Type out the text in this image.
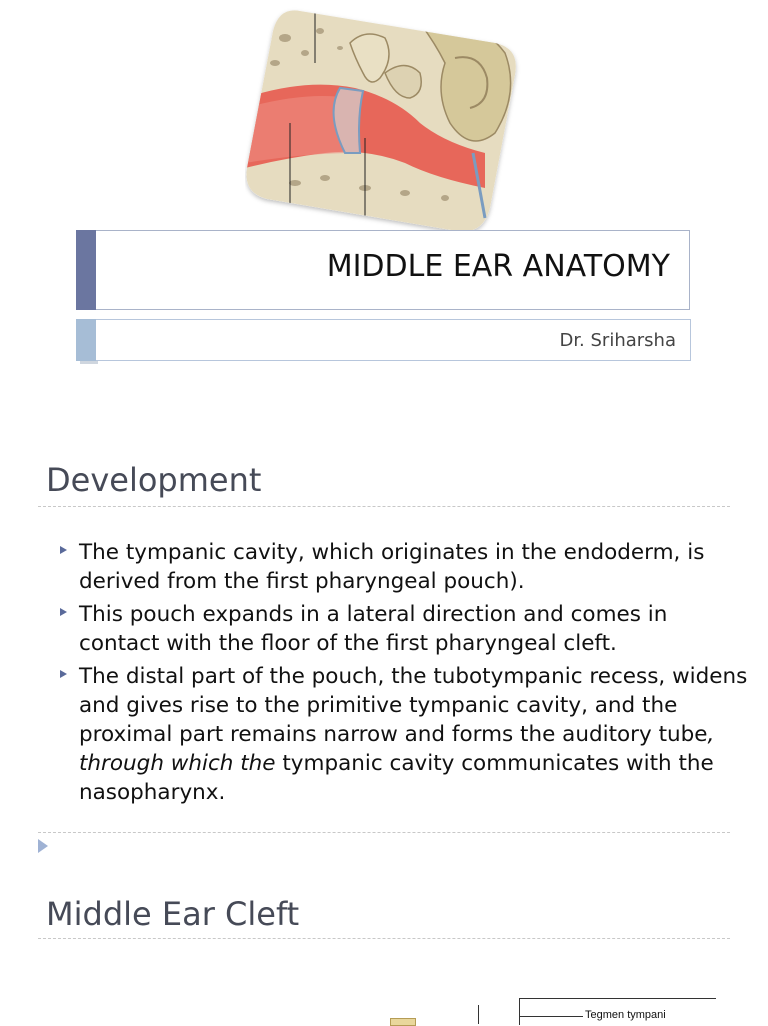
MIDDLE EAR ANATOMY
Dr. Sriharsha
Development
The tympanic cavity, which originates in the endoderm, is derived from the first pharyngeal pouch).
This pouch expands in a lateral direction and comes in contact with the floor of the first pharyngeal cleft.
The distal part of the pouch, the tubotympanic recess, widens and gives rise to the primitive tympanic cavity, and the proximal part remains narrow and forms the auditory tube, through which the tympanic cavity communicates with the nasopharynx.
Middle Ear Cleft
Tegmen tympani
